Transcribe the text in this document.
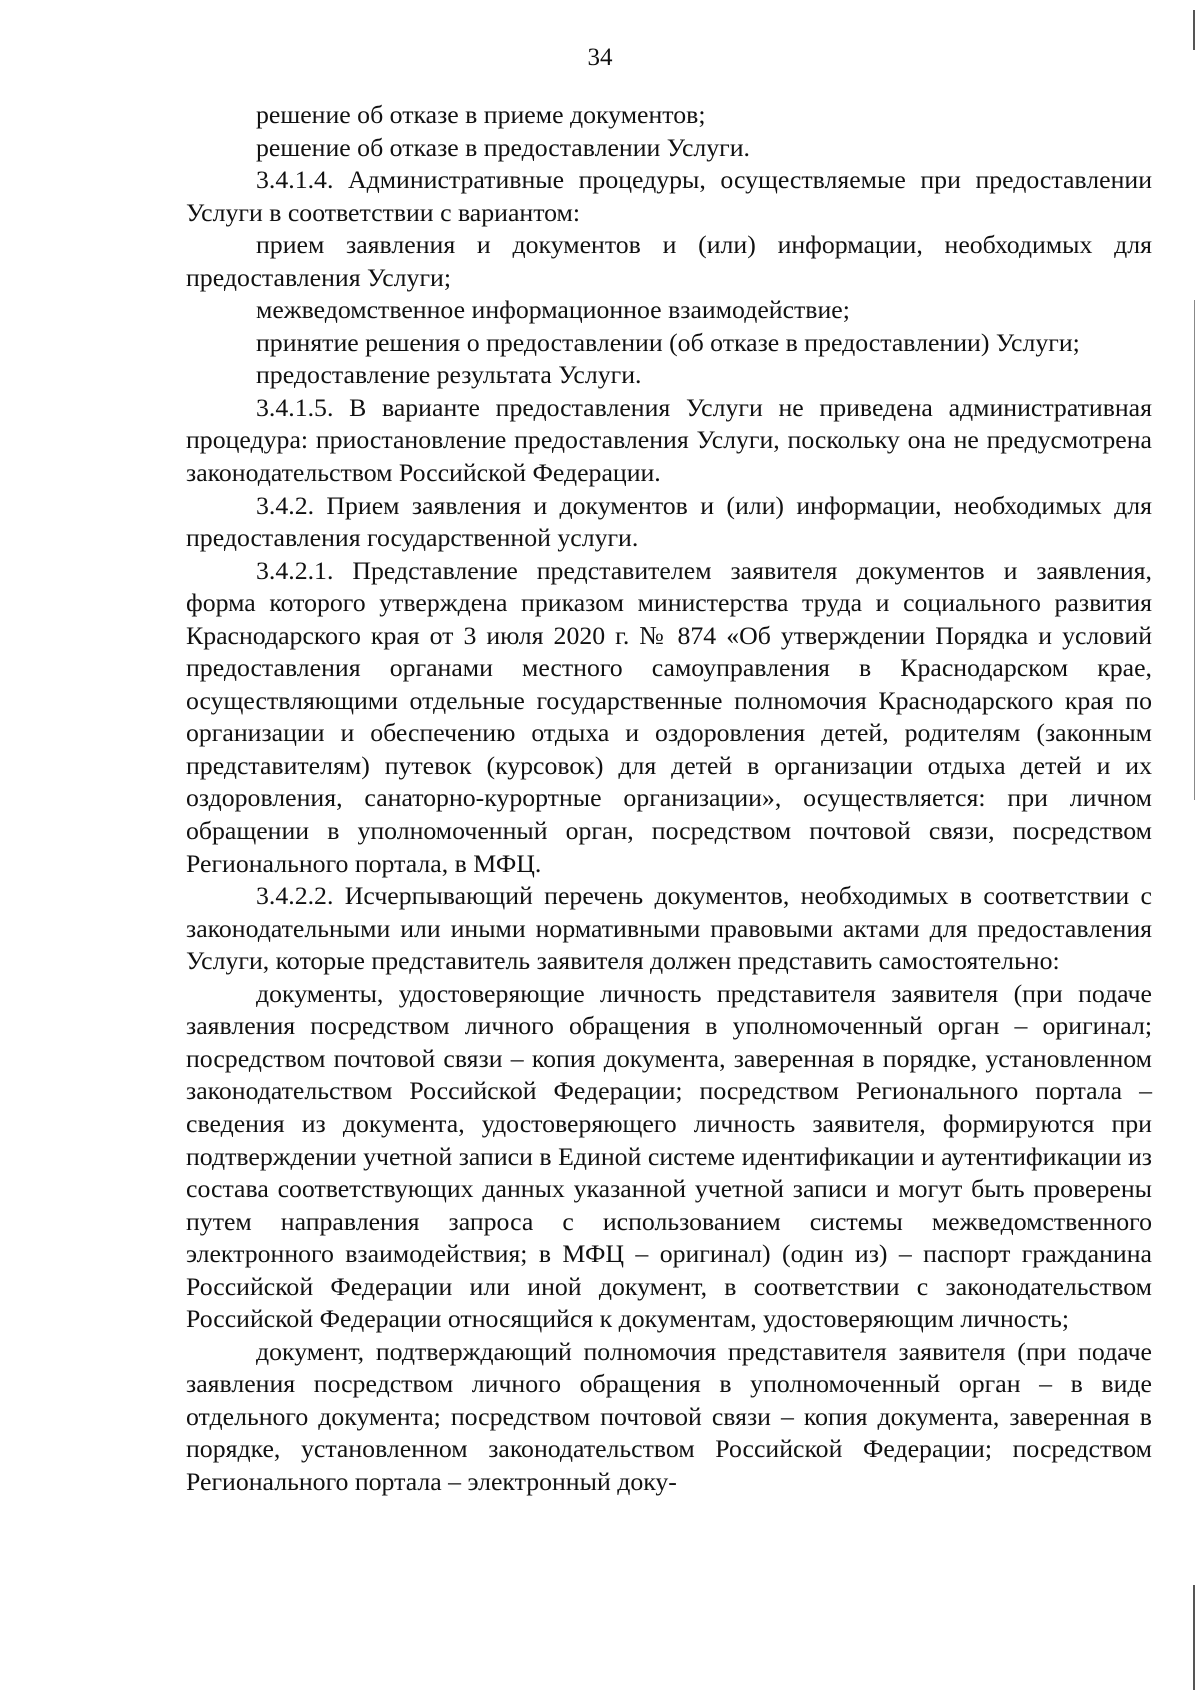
34

решение об отказе в приеме документов;

решение об отказе в предоставлении Услуги.

3.4.1.4. Административные процедуры, осуществляемые при предоставлении Услуги в соответствии с вариантом:

прием заявления и документов и (или) информации, необходимых для предоставления Услуги;

межведомственное информационное взаимодействие;

принятие решения о предоставлении (об отказе в предоставлении) Услуги;

предоставление результата Услуги.

3.4.1.5. В варианте предоставления Услуги не приведена административная процедура: приостановление предоставления Услуги, поскольку она не предусмотрена законодательством Российской Федерации.

3.4.2. Прием заявления и документов и (или) информации, необходимых для предоставления государственной услуги.

3.4.2.1. Представление представителем заявителя документов и заявления, форма которого утверждена приказом министерства труда и социального развития Краснодарского края от 3 июля 2020 г. № 874 «Об утверждении Порядка и условий предоставления органами местного самоуправления в Краснодарском крае, осуществляющими отдельные государственные полномочия Краснодарского края по организации и обеспечению отдыха и оздоровления детей, родителям (законным представителям) путевок (курсовок) для детей в организации отдыха детей и их оздоровления, санаторно-курортные организации», осуществляется: при личном обращении в уполномоченный орган, посредством почтовой связи, посредством Регионального портала, в МФЦ.

3.4.2.2. Исчерпывающий перечень документов, необходимых в соответствии с законодательными или иными нормативными правовыми актами для предоставления Услуги, которые представитель заявителя должен представить самостоятельно:

документы, удостоверяющие личность представителя заявителя (при подаче заявления посредством личного обращения в уполномоченный орган – оригинал; посредством почтовой связи – копия документа, заверенная в порядке, установленном законодательством Российской Федерации; посредством Регионального портала – сведения из документа, удостоверяющего личность заявителя, формируются при подтверждении учетной записи в Единой системе идентификации и аутентификации из состава соответствующих данных указанной учетной записи и могут быть проверены путем направления запроса с использованием системы межведомственного электронного взаимодействия; в МФЦ – оригинал) (один из) – паспорт гражданина Российской Федерации или иной документ, в соответствии с законодательством Российской Федерации относящийся к документам, удостоверяющим личность;

документ, подтверждающий полномочия представителя заявителя (при подаче заявления посредством личного обращения в уполномоченный орган – в виде отдельного документа; посредством почтовой связи – копия документа, заверенная в порядке, установленном законодательством Российской Федерации; посредством Регионального портала – электронный доку-
